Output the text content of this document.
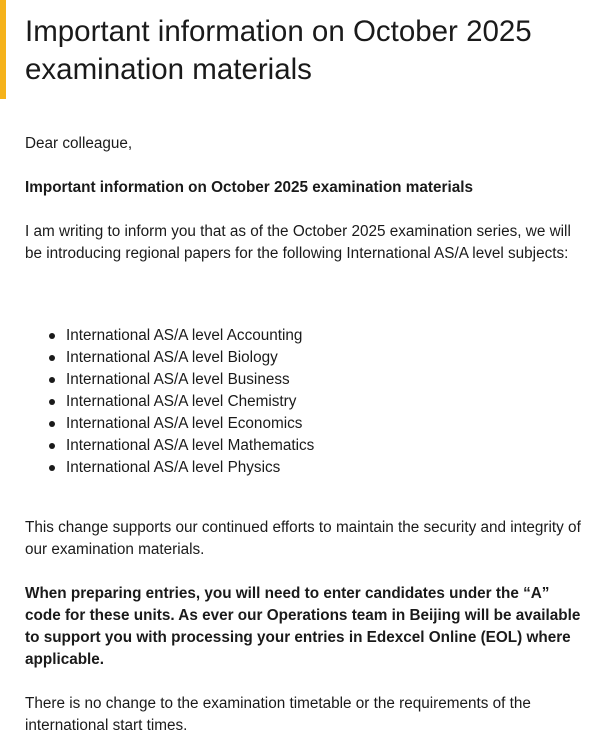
Important information on October 2025 examination materials

Dear colleague,

Important information on October 2025 examination materials

I am writing to inform you that as of the October 2025 examination series, we will be introducing regional papers for the following International AS/A level subjects:

International AS/A level Accounting
International AS/A level Biology
International AS/A level Business
International AS/A level Chemistry
International AS/A level Economics
International AS/A level Mathematics
International AS/A level Physics

This change supports our continued efforts to maintain the security and integrity of our examination materials.

When preparing entries, you will need to enter candidates under the “A” code for these units. As ever our Operations team in Beijing will be available to support you with processing your entries in Edexcel Online (EOL) where applicable.

There is no change to the examination timetable or the requirements of the international start times.
